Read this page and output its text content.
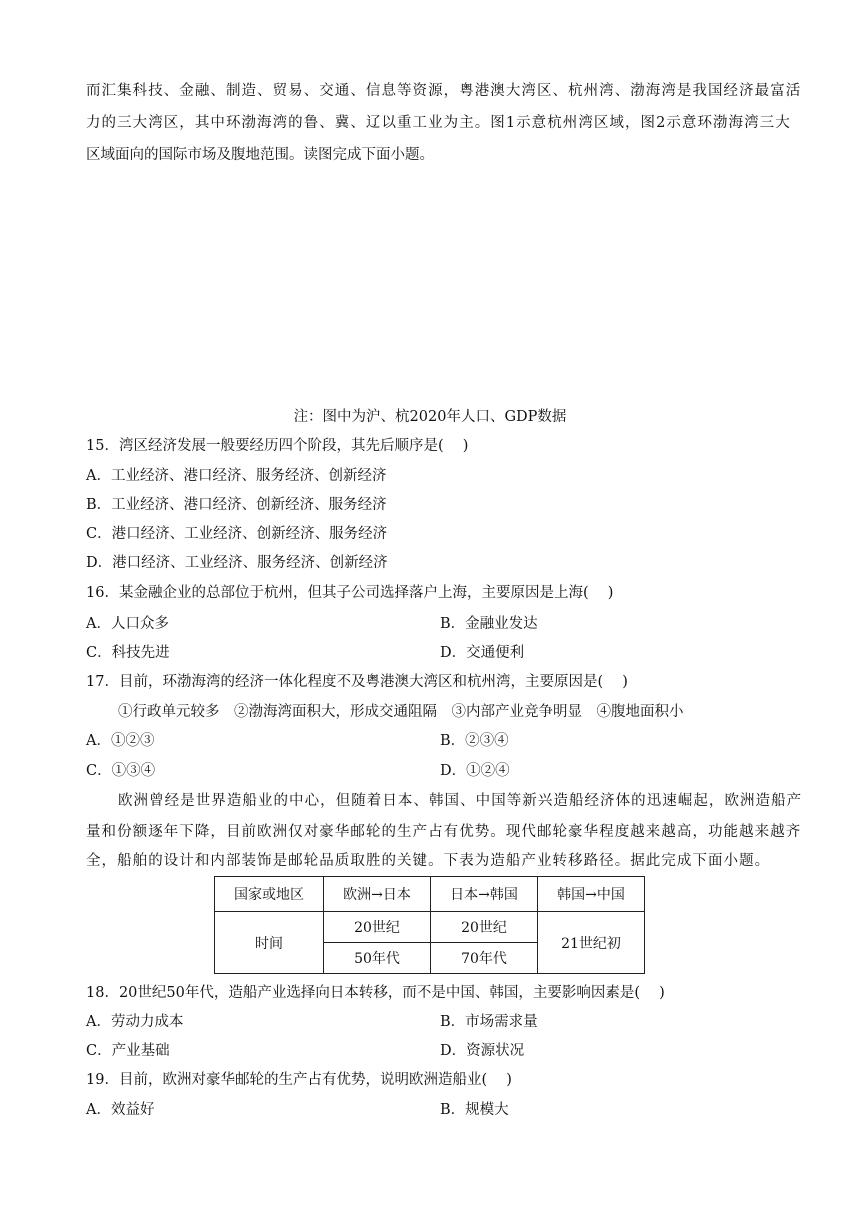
而汇集科技、金融、制造、贸易、交通、信息等资源，粤港澳大湾区、杭州湾、渤海湾是我国经济最富活
力的三大湾区，其中环渤海湾的鲁、冀、辽以重工业为主。图1示意杭州湾区域，图2示意环渤海湾三大
区域面向的国际市场及腹地范围。读图完成下面小题。
注：图中为沪、杭2020年人口、GDP数据
15．湾区经济发展一般要经历四个阶段，其先后顺序是(　 )
A．工业经济、港口经济、服务经济、创新经济
B．工业经济、港口经济、创新经济、服务经济
C．港口经济、工业经济、创新经济、服务经济
D．港口经济、工业经济、服务经济、创新经济
16．某金融企业的总部位于杭州，但其子公司选择落户上海，主要原因是上海(　 )
A．人口众多	B．金融业发达
C．科技先进	D．交通便利
17．目前，环渤海湾的经济一体化程度不及粤港澳大湾区和杭州湾，主要原因是(　 )
①行政单元较多　②渤海湾面积大，形成交通阻隔　③内部产业竞争明显　④腹地面积小
A．①②③	B．②③④
C．①③④	D．①②④
欧洲曾经是世界造船业的中心，但随着日本、韩国、中国等新兴造船经济体的迅速崛起，欧洲造船产
量和份额逐年下降，目前欧洲仅对豪华邮轮的生产占有优势。现代邮轮豪华程度越来越高，功能越来越齐
全，船舶的设计和内部装饰是邮轮品质取胜的关键。下表为造船产业转移路径。据此完成下面小题。
国家或地区	欧洲→日本	日本→韩国	韩国→中国
时间	20世纪	20世纪	21世纪初
	50年代	70年代	
18．20世纪50年代，造船产业选择向日本转移，而不是中国、韩国，主要影响因素是(　 )
A．劳动力成本	B．市场需求量
C．产业基础	D．资源状况
19．目前，欧洲对豪华邮轮的生产占有优势，说明欧洲造船业(　 )
A．效益好	B．规模大
